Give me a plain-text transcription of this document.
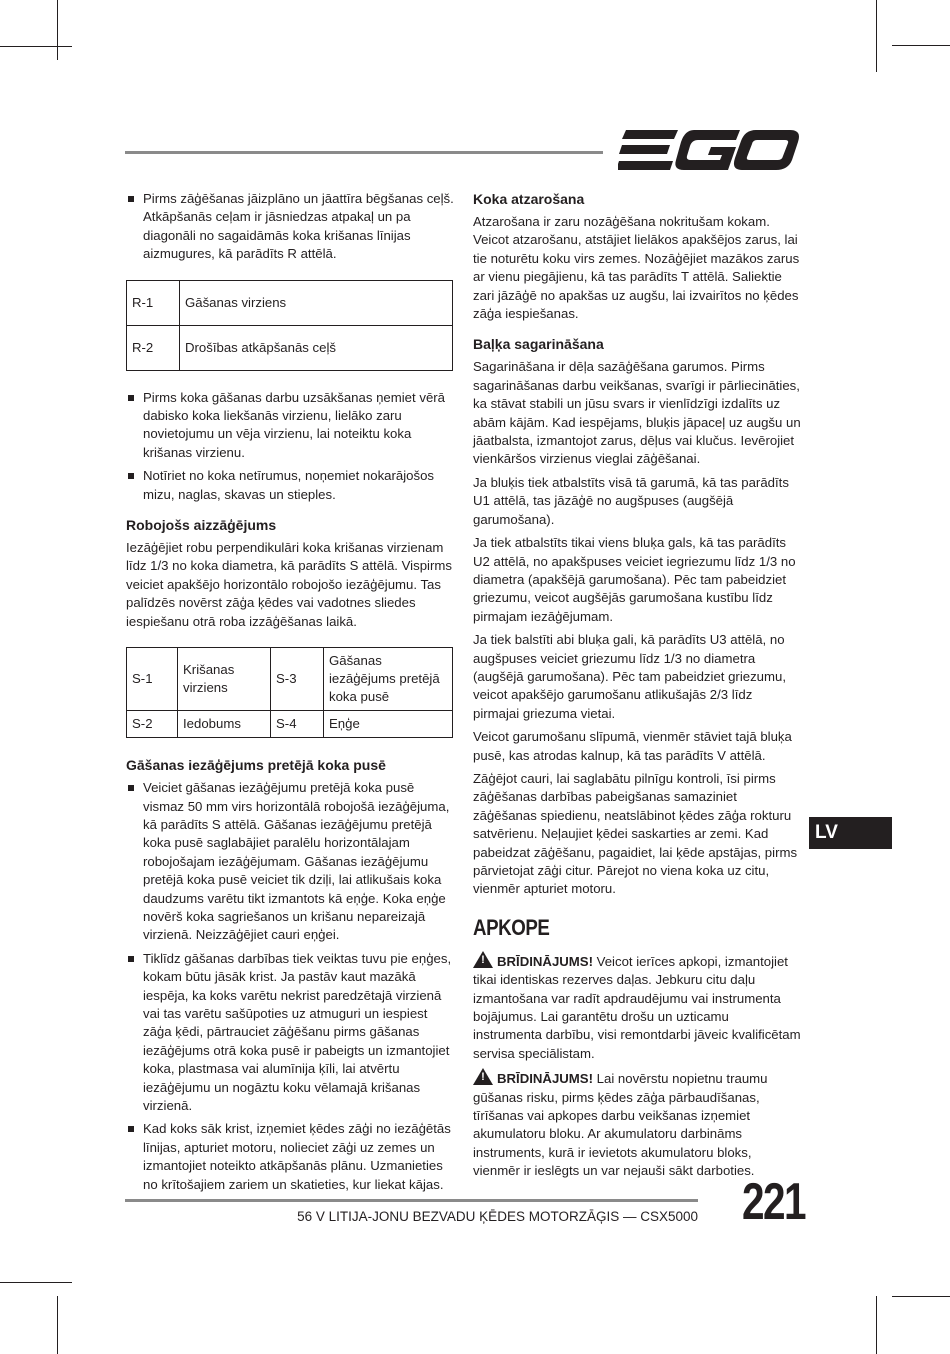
Pirms zāģēšanas jāizplāno un jāattīra bēgšanas ceļš. Atkāpšanās ceļam ir jāsniedzas atpakaļ un pa diagonāli no sagaidāmās koka krišanas līnijas aizmugures, kā parādīts R attēlā.

R-1	Gāšanas virziens
R-2	Drošības atkāpšanās ceļš

Pirms koka gāšanas darbu uzsākšanas ņemiet vērā dabisko koka liekšanās virzienu, lielāko zaru novietojumu un vēja virzienu, lai noteiktu koka krišanas virzienu.

Notīriet no koka netīrumus, noņemiet nokarājošos mizu, naglas, skavas un stieples.

Robojošs aizzāģējums

Iezāģējiet robu perpendikulāri koka krišanas virzienam līdz 1/3 no koka diametra, kā parādīts S attēlā. Vispirms veiciet apakšējo horizontālo robojošo iezāģējumu. Tas palīdzēs novērst zāģa ķēdes vai vadotnes sliedes iespiešanu otrā roba izzāģēšanas laikā.

S-1	Krišanas virziens	S-3	Gāšanas iezāģējums pretējā koka pusē
S-2	Iedobums	S-4	Eņģe
Gāšanas iezāģējums pretējā koka pusē

Veiciet gāšanas iezāģējumu pretējā koka pusē vismaz 50 mm virs horizontālā robojošā iezāģējuma, kā parādīts S attēlā. Gāšanas iezāģējumu pretējā koka pusē saglabājiet paralēlu horizontālajam robojošajam iezāģējumam. Gāšanas iezāģējumu pretējā koka pusē veiciet tik dziļi, lai atlikušais koka daudzums varētu tikt izmantots kā eņģe. Koka eņģe novērš koka sagriešanos un krišanu nepareizajā virzienā. Neizzāģējiet cauri eņģei.

Tiklīdz gāšanas darbības tiek veiktas tuvu pie eņģes, kokam būtu jāsāk krist. Ja pastāv kaut mazākā iespēja, ka koks varētu nekrist paredzētajā virzienā vai tas varētu sašūpoties uz atmuguri un iespiest zāģa ķēdi, pārtrauciet zāģēšanu pirms gāšanas iezāģējums otrā koka pusē ir pabeigts un izmantojiet koka, plastmasa vai alumīnija ķīli, lai atvērtu iezāģējumu un nogāztu koku vēlamajā krišanas virzienā.

Kad koks sāk krist, izņemiet ķēdes zāģi no iezāģētās līnijas, apturiet motoru, nolieciet zāģi uz zemes un izmantojiet noteikto atkāpšanās plānu. Uzmanieties no krītošajiem zariem un skatieties, kur liekat kājas.

Koka atzarošana

Atzarošana ir zaru nozāģēšana nokritušam kokam. Veicot atzarošanu, atstājiet lielākos apakšējos zarus, lai tie noturētu koku virs zemes. Nozāģējiet mazākos zarus ar vienu piegājienu, kā tas parādīts T attēlā. Saliektie zari jāzāģē no apakšas uz augšu, lai izvairītos no ķēdes zāģa iespiešanas.

Baļķa sagarināšana

Sagarināšana ir dēļa sazāģēšana garumos. Pirms sagarināšanas darbu veikšanas, svarīgi ir pārliecināties, ka stāvat stabili un jūsu svars ir vienlīdzīgi izdalīts uz abām kājām. Kad iespējams, bluķis jāpaceļ uz augšu un jāatbalsta, izmantojot zarus, dēļus vai klučus. Ievērojiet vienkāršos virzienus vieglai zāģēšanai.

Ja bluķis tiek atbalstīts visā tā garumā, kā tas parādīts U1 attēlā, tas jāzāģē no augšpuses (augšējā garumošana).

Ja tiek atbalstīts tikai viens bluķa gals, kā tas parādīts U2 attēlā, no apakšpuses veiciet iegriezumu līdz 1/3 no diametra (apakšējā garumošana). Pēc tam pabeidziet griezumu, veicot augšējās garumošana kustību līdz pirmajam iezāģējumam.

Ja tiek balstīti abi bluķa gali, kā parādīts U3 attēlā, no augšpuses veiciet griezumu līdz 1/3 no diametra (augšējā garumošana). Pēc tam pabeidziet griezumu, veicot apakšējo garumošanu atlikušajās 2/3 līdz pirmajai griezuma vietai.

Veicot garumošanu slīpumā, vienmēr stāviet tajā bluķa pusē, kas atrodas kalnup, kā tas parādīts V attēlā.

Zāģējot cauri, lai saglabātu pilnīgu kontroli, īsi pirms zāģēšanas darbības pabeigšanas samaziniet zāģēšanas spiedienu, neatslābinot ķēdes zāģa rokturu satvērienu. Neļaujiet ķēdei saskarties ar zemi. Kad pabeidzat zāģēšanu, pagaidiet, lai ķēde apstājas, pirms pārvietojat zāģi citur. Pārejot no viena koka uz citu, vienmēr apturiet motoru.

APKOPE

! BRĪDINĀJUMS! Veicot ierīces apkopi, izmantojiet tikai identiskas rezerves daļas. Jebkuru citu daļu izmantošana var radīt apdraudējumu vai instrumenta bojājumus. Lai garantētu drošu un uzticamu instrumenta darbību, visi remontdarbi jāveic kvalificētam servisa speciālistam.

! BRĪDINĀJUMS! Lai novērstu nopietnu traumu gūšanas risku, pirms ķēdes zāģa pārbaudīšanas, tīrīšanas vai apkopes darbu veikšanas izņemiet akumulatoru bloku. Ar akumulatoru darbināms instruments, kurā ir ievietots akumulatoru bloks, vienmēr ir ieslēgts un var nejauši sākt darboties.

LV
56 V LITIJA-JONU BEZVADU ĶĒDES MOTORZĀĢIS — CSX5000 221
